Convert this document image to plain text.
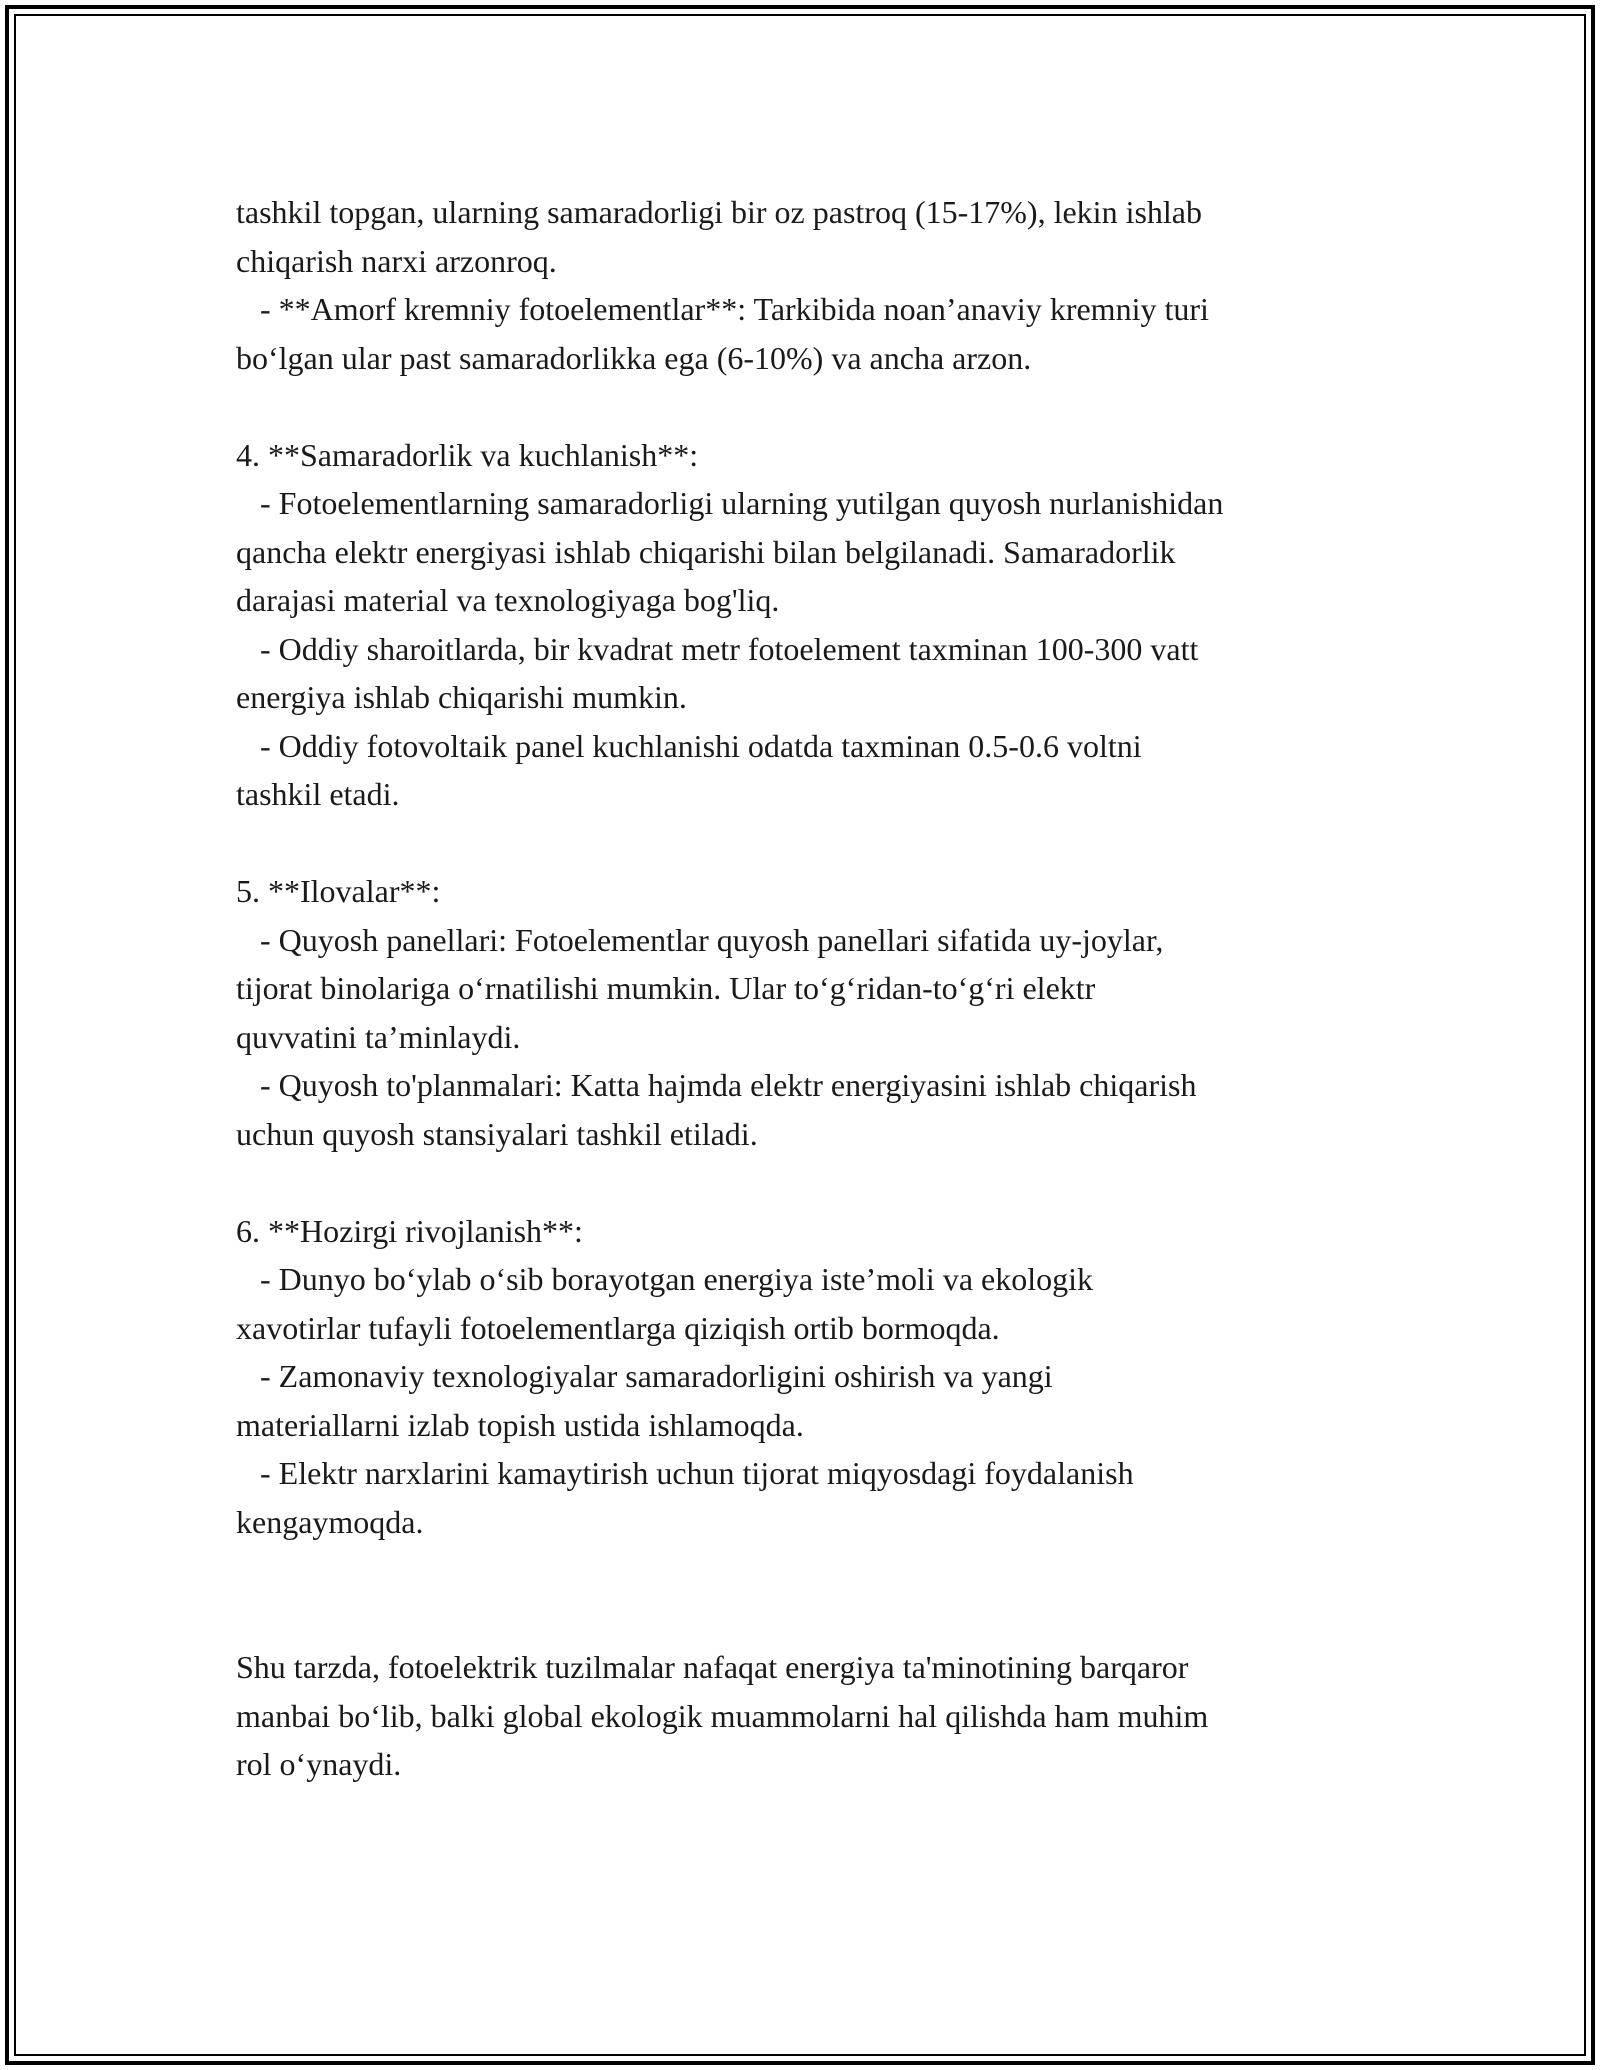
tashkil topgan, ularning samaradorligi bir oz pastroq (15-17%), lekin ishlab
chiqarish narxi arzonroq.
- **Amorf kremniy fotoelementlar**: Tarkibida noan’anaviy kremniy turi
bo‘lgan ular past samaradorlikka ega (6-10%) va ancha arzon.
4. **Samaradorlik va kuchlanish**:
- Fotoelementlarning samaradorligi ularning yutilgan quyosh nurlanishidan
qancha elektr energiyasi ishlab chiqarishi bilan belgilanadi. Samaradorlik
darajasi material va texnologiyaga bog'liq.
- Oddiy sharoitlarda, bir kvadrat metr fotoelement taxminan 100-300 vatt
energiya ishlab chiqarishi mumkin.
- Oddiy fotovoltaik panel kuchlanishi odatda taxminan 0.5-0.6 voltni
tashkil etadi.
5. **Ilovalar**:
- Quyosh panellari: Fotoelementlar quyosh panellari sifatida uy-joylar,
tijorat binolariga o‘rnatilishi mumkin. Ular to‘g‘ridan-to‘g‘ri elektr
quvvatini ta’minlaydi.
- Quyosh to'planmalari: Katta hajmda elektr energiyasini ishlab chiqarish
uchun quyosh stansiyalari tashkil etiladi.
6. **Hozirgi rivojlanish**:
- Dunyo bo‘ylab o‘sib borayotgan energiya iste’moli va ekologik
xavotirlar tufayli fotoelementlarga qiziqish ortib bormoqda.
- Zamonaviy texnologiyalar samaradorligini oshirish va yangi
materiallarni izlab topish ustida ishlamoqda.
- Elektr narxlarini kamaytirish uchun tijorat miqyosdagi foydalanish
kengaymoqda.
Shu tarzda, fotoelektrik tuzilmalar nafaqat energiya ta'minotining barqaror
manbai bo‘lib, balki global ekologik muammolarni hal qilishda ham muhim
rol o‘ynaydi.
